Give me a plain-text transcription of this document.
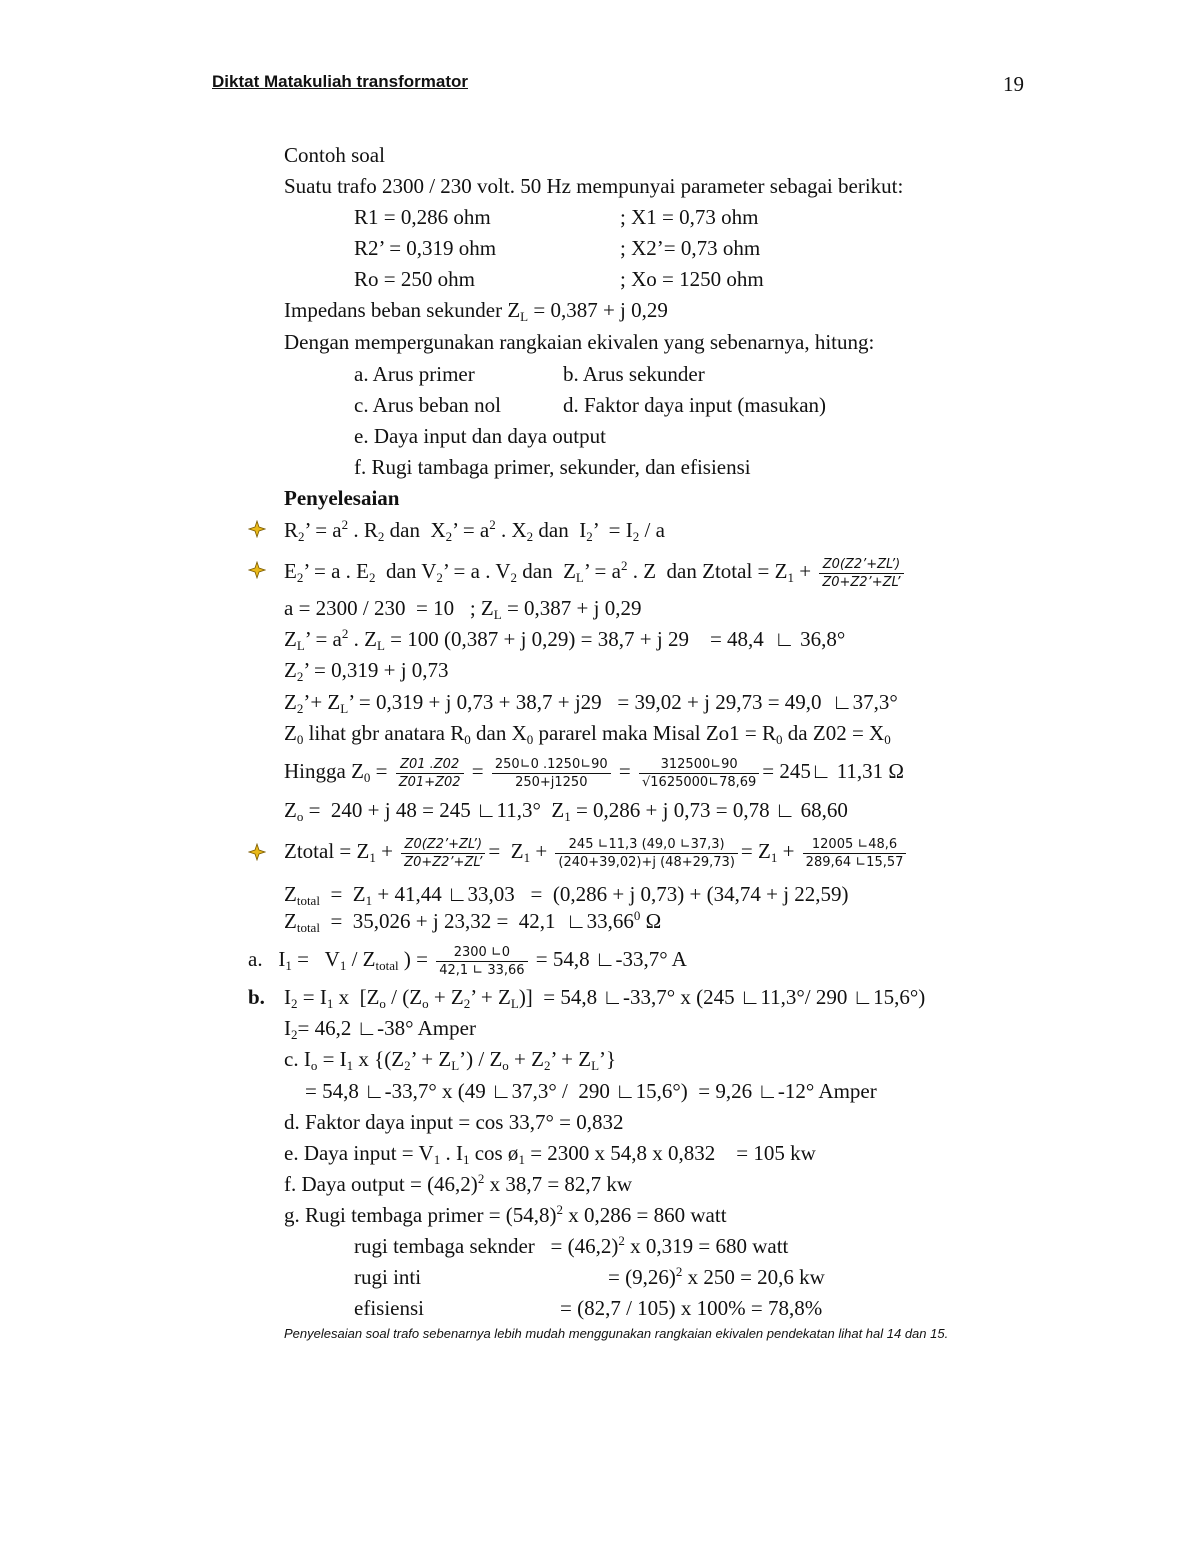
Diktat Matakuliah transformator	19
Contoh soal
Suatu trafo 2300 / 230 volt. 50 Hz mempunyai parameter sebagai berikut:
R1 = 0,286 ohm	; X1 = 0,73 ohm
R2’ = 0,319 ohm	; X2’= 0,73 ohm
Ro = 250 ohm	; Xo = 1250 ohm
Impedans beban sekunder $Z_L = 0,387 + j$ 0,29
Dengan mempergunakan rangkaian ekivalen yang sebenarnya, hitung:
a. Arus primer	b. Arus sekunder
c. Arus beban nol	d. Faktor daya input (masukan)
e. Daya input dan daya output
f. Rugi tambaga primer, sekunder, dan efisiensi
Penyelesaian
$R_2$’ = $a^2$ . $R_2$ dan  $X_2$’ = $a^2$ . $X_2$ dan  $I_2$’  = $I_2$ / a
$E_2$’ = a . $E_2$  dan $V_2$’ = a . $V_2$ dan  $Z_L$’ = $a^2$ . Z  dan Ztotal = $Z_1 + \frac{Z0(Z2’+ZL’)}{Z0+Z2’+ZL’}$
a = 2300 / 230  = 10   ; $Z_L = 0,387 + j$ 0,29
$Z_L$’ = $a^2$ . $Z_L = 100$ (0,387 + j 0,29) = 38,7 + j 29    = 48,4  ∟ 36,8°
$Z_2$’ = 0,319 + j 0,73
$Z_2’+ Z_L$’ = 0,319 + j 0,73 + 38,7 + j29   = 39,02 + j 29,73 = 49,0  ∟37,3°
$Z_0$ lihat gbr anatara $R_0$ dan $X_0$ pararel maka Misal $Zo1 = R_0$ da $Z02 = X_0$
Hingga $Z_0 = \frac{Z01 .Z02}{Z01+Z02} = \frac{250∟0 .1250∟90}{250+j1250} = \frac{312500∟90}{√1625000∟78,69}$ = 245∟ 11,31 Ω
$Z_o = 240 + j$ 48 = 245 ∟11,3°  $Z_1 = 0,286 + j$ 0,73 = 0,78 ∟ 68,60
Ztotal = $Z_1 + \frac{Z0(Z2’+ZL’)}{Z0+Z2’+ZL’} = Z_1 + \frac{245 ∟11,3 (49,0 ∟37,3)}{(240+39,02)+j (48+29,73)} = Z_1 + \frac{12005 ∟48,6}{289,64 ∟15,57}$
$Z_{total} = Z_1 + 41,44$ ∟33,03   =  (0,286 + j 0,73) + (34,74 + j 22,59)
$Z_{total} = 35,026 + j$ 23,32 =  42,1  ∟33,66$^0$ Ω
a.   $I_1 = V_1 / Z_{total}$ ) = $\frac{2300 ∟0}{42,1 ∟ 33,66} = 54,8$ ∟-33,7° A
b. $I_2 = I_1$ x  [$Z_o / (Z_o + Z_2$’ + $Z_L)] = 54,8$ ∟-33,7° x (245 ∟11,3°/ 290 ∟15,6°)
$I_2= 46,2$ ∟-38° Amper
c. $I_o = I_1$ x {($Z_2$’ + $Z_L’) / Z_o + Z_2$’ + $Z_L$’}
= 54,8 ∟-33,7° x (49 ∟37,3° /  290 ∟15,6°)  = 9,26 ∟-12° Amper
d. Faktor daya input = cos 33,7° = 0,832
e. Daya input = $V_1$ . $I_1$ $\cos ø_1 = 2300$ x 54,8 x 0,832    = 105 kw
f. Daya output = $(46,2)^2$ x 38,7 = 82,7 kw
g. Rugi tembaga primer = $(54,8)^2$ x 0,286 = 860 watt
rugi tembaga seknder   = $(46,2)^2$ x 0,319 = 680 watt
rugi inti	= $(9,26)^2$ x 250 = 20,6 kw
efisiensi	= (82,7 / 105) x 100% = 78,8%
Penyelesaian soal trafo sebenarnya lebih mudah menggunakan rangkaian ekivalen pendekatan lihat hal 14 dan 15.
